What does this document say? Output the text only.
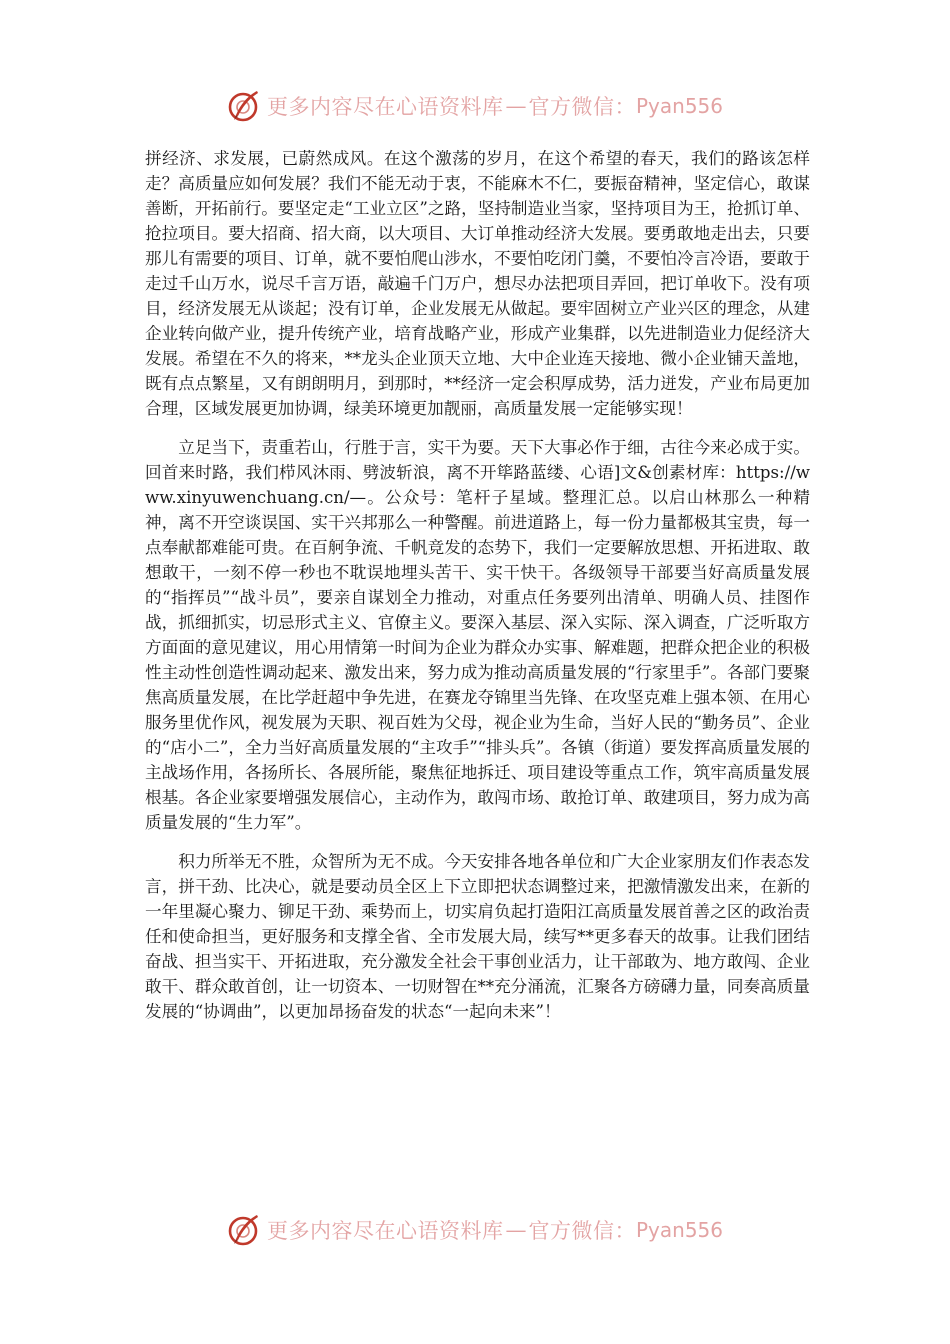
更多内容尽在心语资料库 — 官方微信： Pyan556

拼经济、求发展，已蔚然成风。在这个激荡的岁月，在这个希望的春天，我们的路该怎样走？高质量应如何发展？我们不能无动于衷，不能麻木不仁，要振奋精神，坚定信心，敢谋善断，开拓前行。要坚定走“工业立区”之路，坚持制造业当家，坚持项目为王，抢抓订单、抢拉项目。要大招商、招大商，以大项目、大订单推动经济大发展。要勇敢地走出去，只要那儿有需要的项目、订单，就不要怕爬山涉水，不要怕吃闭门羹，不要怕冷言冷语，要敢于走过千山万水，说尽千言万语，敲遍千门万户，想尽办法把项目弄回，把订单收下。没有项目，经济发展无从谈起；没有订单，企业发展无从做起。要牢固树立产业兴区的理念，从建企业转向做产业，提升传统产业，培育战略产业，形成产业集群，以先进制造业力促经济大发展。希望在不久的将来，**龙头企业顶天立地、大中企业连天接地、微小企业铺天盖地，既有点点繁星，又有朗朗明月，到那时，**经济一定会积厚成势，活力迸发，产业布局更加合理，区域发展更加协调，绿美环境更加靓丽，高质量发展一定能够实现！

立足当下，责重若山，行胜于言，实干为要。天下大事必作于细，古往今来必成于实。回首来时路，我们栉风沐雨、劈波斩浪，离不开筚路蓝缕、心语]文&创素材库：https://www.xinyuwenchuang.cn/—。公众号：笔杆子星域。整理汇总。以启山林那么一种精神，离不开空谈误国、实干兴邦那么一种警醒。前进道路上，每一份力量都极其宝贵，每一点奉献都难能可贵。在百舸争流、千帆竞发的态势下，我们一定要解放思想、开拓进取、敢想敢干，一刻不停一秒也不耽误地埋头苦干、实干快干。各级领导干部要当好高质量发展的“指挥员”“战斗员”，要亲自谋划全力推动，对重点任务要列出清单、明确人员、挂图作战，抓细抓实，切忌形式主义、官僚主义。要深入基层、深入实际、深入调查，广泛听取方方面面的意见建议，用心用情第一时间为企业为群众办实事、解难题，把群众把企业的积极性主动性创造性调动起来、激发出来，努力成为推动高质量发展的“行家里手”。各部门要聚焦高质量发展，在比学赶超中争先进，在赛龙夺锦里当先锋、在攻坚克难上强本领、在用心服务里优作风，视发展为天职、视百姓为父母，视企业为生命，当好人民的“勤务员”、企业的“店小二”，全力当好高质量发展的“主攻手”“排头兵”。各镇（街道）要发挥高质量发展的主战场作用，各扬所长、各展所能，聚焦征地拆迁、项目建设等重点工作，筑牢高质量发展根基。各企业家要增强发展信心，主动作为，敢闯市场、敢抢订单、敢建项目，努力成为高质量发展的“生力军”。

积力所举无不胜，众智所为无不成。今天安排各地各单位和广大企业家朋友们作表态发言，拼干劲、比决心，就是要动员全区上下立即把状态调整过来，把激情激发出来，在新的一年里凝心聚力、铆足干劲、乘势而上，切实肩负起打造阳江高质量发展首善之区的政治责任和使命担当，更好服务和支撑全省、全市发展大局，续写**更多春天的故事。让我们团结奋战、担当实干、开拓进取，充分激发全社会干事创业活力，让干部敢为、地方敢闯、企业敢干、群众敢首创，让一切资本、一切财智在**充分涌流，汇聚各方磅礴力量，同奏高质量发展的“协调曲”，以更加昂扬奋发的状态“一起向未来”！

更多内容尽在心语资料库 — 官方微信： Pyan556
